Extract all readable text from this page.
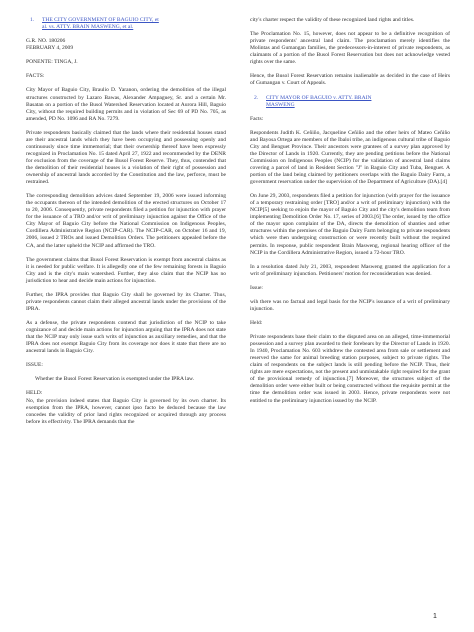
1.	THE CITY GOVERNMENT OF BAGUIO CITY, et
al. vs. ATTY. BRAIN MASWENG, et al.

G.R. NO. 180206

FEBRUARY 4, 2009

PONENTE: TINGA, J.

FACTS:

City Mayor of Baguio City, Braulio D. Yaranon, ordering the demolition of the illegal structures constructed by Lazaro Bawas, Alexander Ampaguey, Sr. and a certain Mr. Basatan on a portion of the Busol Watershed Reservation located at Aurora Hill, Baguio City, without the required building permits and in violation of Sec 69 of PD No. 705, as amended, PD No. 1096 and RA No. 7279.

Private respondents basically claimed that the lands where their residential houses stand are their ancestral lands which they have been occupying and possessing openly and continuously since time immemorial; that their ownership thereof have been expressly recognized in Proclamation No. 15 dated April 27, 1922 and recommended by the DENR for exclusion from the coverage of the Busol Forest Reserve. They, thus, contended that the demolition of their residential houses is a violation of their right of possession and ownership of ancestral lands accorded by the Constitution and the law, perforce, must be restrained.

The corresponding demolition advices dated September 19, 2006 were issued informing the occupants thereon of the intended demolition of the erected structures on October 17 to 20, 2006. Consequently, private respondents filed a petition for injunction with prayer for the issuance of a TRO and/or writ of preliminary injunction against the Office of the City Mayor of Baguio City before the National Commission on Indigenous Peoples, Cordillera Administrative Region (NCIP-CAR). The NCIP-CAR, on October 16 and 19, 2006, issued 2 TROs and issued Demolition Orders. The petitioners appealed before the CA, and the latter upheld the NCIP and affirmed the TRO.

The government claims that Busol Forest Reservation is exempt from ancestral claims as it is needed for public welfare. It is allegedly one of the few remaining forests in Baguio City and is the city's main watershed. Further, they also claim that the NCIP has no jurisdiction to hear and decide main actions for injunction.

Further, the IPRA provides that Baguio City shall be governed by its Charter. Thus, private respondents cannot claim their alleged ancestral lands under the provisions of the IPRA.

As a defense, the private respondents contend that jurisdiction of the NCIP to take cognizance of and decide main actions for injunction arguing that the IPRA does not state that the NCIP may only issue such writs of injunction as auxiliary remedies, and that the IPRA does not exempt Baguio City from its coverage nor does it state that there are no ancestral lands in Baguio City.

ISSUE:

Whether the Busol Forest Reservation is exempted under the IPRA law.

HELD:

No, the provision indeed states that Baguio City is governed by its own charter. Its exemption from the IPRA, however, cannot ipso facto be deduced because the law concedes the validity of prior land rights recognized or acquired through any process before its effectivity. The IPRA demands that the

city's charter respect the validity of these recognized land rights and titles.

The Proclamation No. 15, however, does not appear to be a definitive recognition of private respondents' ancestral land claim. The proclamation merely identifies the Molintas and Gumangan families, the predecessors-in-interest of private respondents, as claimants of a portion of the Busol Forest Reservation but does not acknowledge vested rights over the same.

Hence, the Busol Forest Reservation remains inalienable as decided in the case of Heirs of Gumangan v. Court of Appeals.

2.	CITY MAYOR OF BAGUIO v. ATTY. BRAIN
MASWENG

Facts:

Respondents Judith K. Ceñiño, Jacqueline Ceñiño and the other heirs of Mateo Ceñiño and Bayosa Ortega are members of the Ibaloi tribe, an indigenous cultural tribe of Baguio City and Benguet Province. Their ancestors were grantees of a survey plan approved by the Director of Lands in 1920. Currently, they are pending petitions before the National Commission on Indigenous Peoples (NCIP) for the validation of ancestral land claims covering a parcel of land in Resident Section "J" in Baguio City and Tuba, Benguet. A portion of the land being claimed by petitioners overlaps with the Baguio Dairy Farm, a government reservation under the supervision of the Department of Agriculture (DA).[4]

On June 29, 2003, respondents filed a petition for injunction (with prayer for the issuance of a temporary restraining order [TRO] and/or a writ of preliminary injunction) with the NCIP[5] seeking to enjoin the mayor of Baguio City and the city's demolition team from implementing Demolition Order No. 17, series of 2003.[6] The order, issued by the office of the mayor upon complaint of the DA, directs the demolition of shanties and other structures within the premises of the Baguio Dairy Farm belonging to private respondents which were then undergoing construction or were recently built without the required permits. In response, public respondent Brain Masweng, regional hearing officer of the NCIP in the Cordillera Administrative Region, issued a 72-hour TRO.

In a resolution dated July 21, 2003, respondent Masweng granted the application for a writ of preliminary injunction. Petitioners' motion for reconsideration was denied.

Issue:

wih there was no factual and legal basis for the NCIP's issuance of a writ of preliminary injunction.

Held:

Private respondents base their claim to the disputed area on an alleged, time-immemorial possession and a survey plan awarded to their forebears by the Director of Lands in 1920. In 1940, Proclamation No. 603 withdrew the contested area from sale or settlement and reserved the same for animal breeding station purposes, subject to private rights. The claim of respondents on the subject lands is still pending before the NCIP. Thus, their rights are mere expectations, not the present and unmistakable right required for the grant of the provisional remedy of injunction.[7] Moreover, the structures subject of the demolition order were either built or being constructed without the requisite permit at the time the demolition order was issued in 2003. Hence, private respondents were not entitled to the preliminary injunction issued by the NCIP.

1
